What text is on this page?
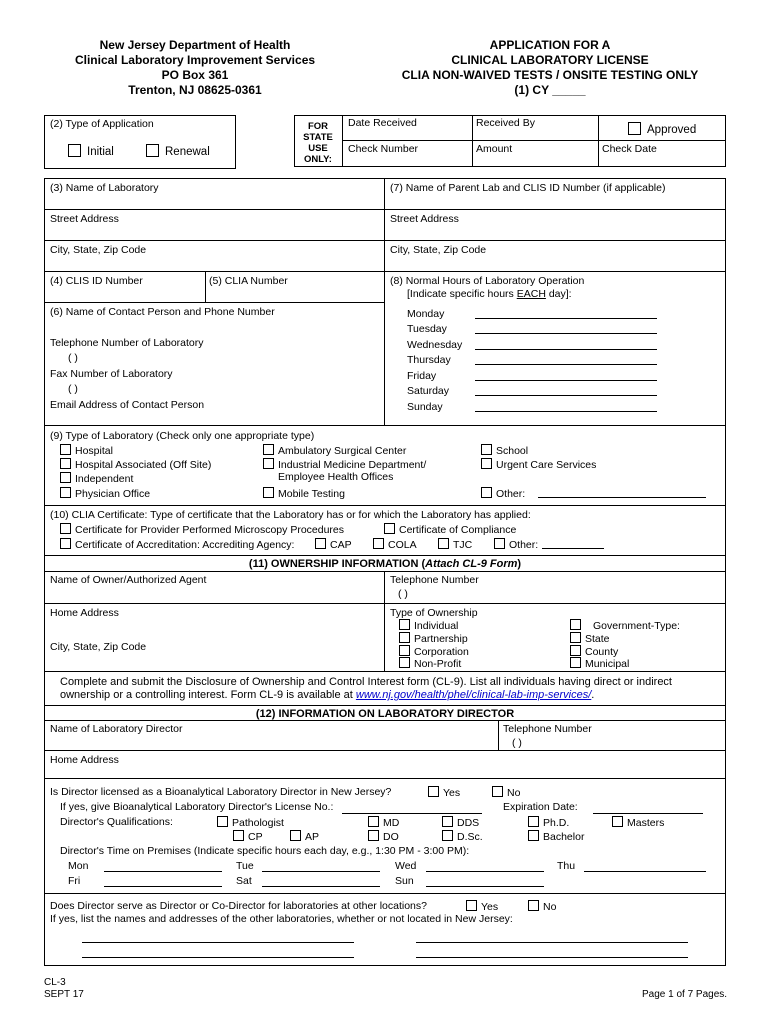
New Jersey Department of Health
Clinical Laboratory Improvement Services
PO Box 361
Trenton, NJ 08625-0361
APPLICATION FOR A
CLINICAL LABORATORY LICENSE
CLIA NON-WAIVED TESTS / ONSITE TESTING ONLY
(1) CY _____
(2) Type of Application
Initial	Renewal
FOR
STATE
USE
ONLY:
Date Received	Received By
Approved
Check Number	Amount	Check Date
(3) Name of Laboratory
Street Address
City, State, Zip Code
(4) CLIS ID Number	(5) CLIA Number
(6) Name of Contact Person and Phone Number
Telephone Number of Laboratory
( )
Fax Number of Laboratory
( )
Email Address of Contact Person
(7) Name of Parent Lab and CLIS ID Number (if applicable)
Street Address
City, State, Zip Code
(8) Normal Hours of Laboratory Operation
[Indicate specific hours EACH day]:
Monday
Tuesday
Wednesday
Thursday
Friday
Saturday
Sunday
(9) Type of Laboratory (Check only one appropriate type)
Hospital
Hospital Associated (Off Site)
Independent
Physician Office
Ambulatory Surgical Center
Industrial Medicine Department/
Employee Health Offices
Mobile Testing
School
Urgent Care Services
Other:
(10) CLIA Certificate: Type of certificate that the Laboratory has or for which the Laboratory has applied:
Certificate for Provider Performed Microscopy Procedures	Certificate of Compliance
Certificate of Accreditation: Accrediting Agency:	CAP	COLA	TJC	Other:
(11) OWNERSHIP INFORMATION (Attach CL-9 Form)
Name of Owner/Authorized Agent	Telephone Number
( )
Home Address
City, State, Zip Code
Type of Ownership
Individual
Partnership
Corporation
Non-Profit
Government-Type:
State
County
Municipal
Complete and submit the Disclosure of Ownership and Control Interest form (CL-9). List all individuals having direct or indirect
ownership or a controlling interest. Form CL-9 is available at www.nj.gov/health/phel/clinical-lab-imp-services/.
(12) INFORMATION ON LABORATORY DIRECTOR
Name of Laboratory Director	Telephone Number
( )
Home Address
Is Director licensed as a Bioanalytical Laboratory Director in New Jersey?	Yes	No
If yes, give Bioanalytical Laboratory Director's License No.:	Expiration Date:
Director's Qualifications:	Pathologist	MD	DDS	Ph.D.	Masters
CP	AP	DO	D.Sc.	Bachelor
Director's Time on Premises (Indicate specific hours each day, e.g., 1:30 PM - 3:00 PM):
Mon	Tue	Wed	Thu
Fri	Sat	Sun
Does Director serve as Director or Co-Director for laboratories at other locations?	Yes	No
If yes, list the names and addresses of the other laboratories, whether or not located in New Jersey:
CL-3
SEPT 17	Page 1 of 7 Pages.
